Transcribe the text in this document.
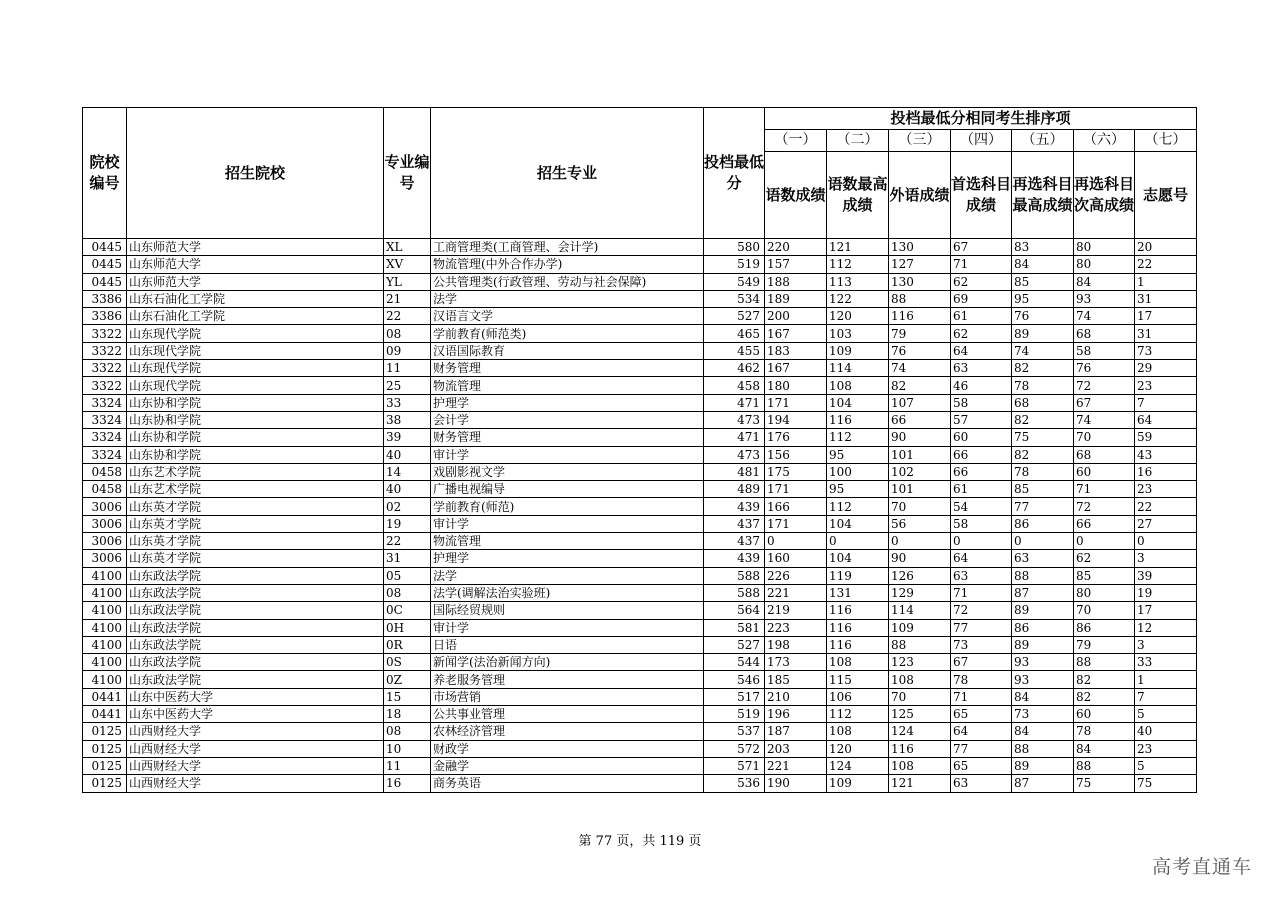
院校编号	招生院校	专业编号	招生专业	投档最低分	投档最低分相同考生排序项						
					（一）	（二）	（三）	（四）	（五）	（六）	（七）
					语数成绩	语数最高成绩	外语成绩	首选科目成绩	再选科目最高成绩	再选科目次高成绩	志愿号
0445	山东师范大学	XL	工商管理类(工商管理、会计学)	580	220	121	130	67	83	80	20
0445	山东师范大学	XV	物流管理(中外合作办学)	519	157	112	127	71	84	80	22
0445	山东师范大学	YL	公共管理类(行政管理、劳动与社会保障)	549	188	113	130	62	85	84	1
3386	山东石油化工学院	21	法学	534	189	122	88	69	95	93	31
3386	山东石油化工学院	22	汉语言文学	527	200	120	116	61	76	74	17
3322	山东现代学院	08	学前教育(师范类)	465	167	103	79	62	89	68	31
3322	山东现代学院	09	汉语国际教育	455	183	109	76	64	74	58	73
3322	山东现代学院	11	财务管理	462	167	114	74	63	82	76	29
3322	山东现代学院	25	物流管理	458	180	108	82	46	78	72	23
3324	山东协和学院	33	护理学	471	171	104	107	58	68	67	7
3324	山东协和学院	38	会计学	473	194	116	66	57	82	74	64
3324	山东协和学院	39	财务管理	471	176	112	90	60	75	70	59
3324	山东协和学院	40	审计学	473	156	95	101	66	82	68	43
0458	山东艺术学院	14	戏剧影视文学	481	175	100	102	66	78	60	16
0458	山东艺术学院	40	广播电视编导	489	171	95	101	61	85	71	23
3006	山东英才学院	02	学前教育(师范)	439	166	112	70	54	77	72	22
3006	山东英才学院	19	审计学	437	171	104	56	58	86	66	27
3006	山东英才学院	22	物流管理	437	0	0	0	0	0	0	0
3006	山东英才学院	31	护理学	439	160	104	90	64	63	62	3
4100	山东政法学院	05	法学	588	226	119	126	63	88	85	39
4100	山东政法学院	08	法学(调解法治实验班)	588	221	131	129	71	87	80	19
4100	山东政法学院	0C	国际经贸规则	564	219	116	114	72	89	70	17
4100	山东政法学院	0H	审计学	581	223	116	109	77	86	86	12
4100	山东政法学院	0R	日语	527	198	116	88	73	89	79	3
4100	山东政法学院	0S	新闻学(法治新闻方向)	544	173	108	123	67	93	88	33
4100	山东政法学院	0Z	养老服务管理	546	185	115	108	78	93	82	1
0441	山东中医药大学	15	市场营销	517	210	106	70	71	84	82	7
0441	山东中医药大学	18	公共事业管理	519	196	112	125	65	73	60	5
0125	山西财经大学	08	农林经济管理	537	187	108	124	64	84	78	40
0125	山西财经大学	10	财政学	572	203	120	116	77	88	84	23
0125	山西财经大学	11	金融学	571	221	124	108	65	89	88	5
0125	山西财经大学	16	商务英语	536	190	109	121	63	87	75	75
第 77 页，共 119 页
高考直通车
